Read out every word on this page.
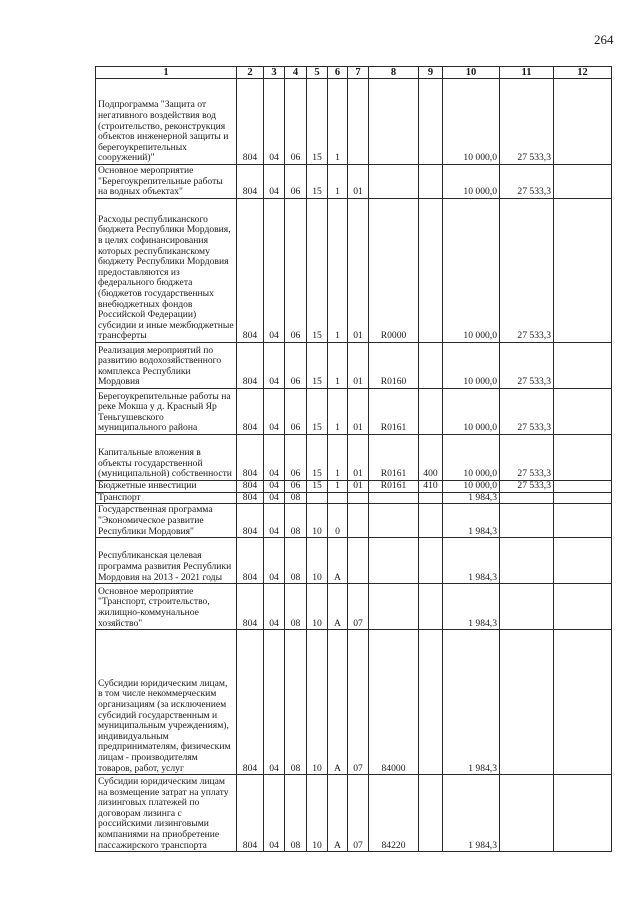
264
1	2	3	4	5	6	7	8	9	10	11	12
Подпрограмма "Защита от негативного воздействия вод (строительство, реконструкция объектов инженерной защиты и берегоукрепительных сооружений)"	804	04	06	15	1				10 000,0	27 533,3	
Основное мероприятие "Берегоукрепительные работы на водных объектах"	804	04	06	15	1	01			10 000,0	27 533,3	
Расходы республиканского бюджета Республики Мордовия, в целях софинансирования которых республиканскому бюджету Республики Мордовия предоставляются из федерального бюджета (бюджетов государственных внебюджетных фондов Российской Федерации) субсидии и иные межбюджетные трансферты	804	04	06	15	1	01	R0000		10 000,0	27 533,3	
Реализация мероприятий по развитию водохозяйственного комплекса Республики Мордовия	804	04	06	15	1	01	R0160		10 000,0	27 533,3	
Берегоукрепительные работы на реке Мокша у д. Красный Яр Теньгушевского муниципального района	804	04	06	15	1	01	R0161		10 000,0	27 533,3	
Капитальные вложения в объекты государственной (муниципальной) собственности	804	04	06	15	1	01	R0161	400	10 000,0	27 533,3	
Бюджетные инвестиции	804	04	06	15	1	01	R0161	410	10 000,0	27 533,3	
Транспорт	804	04	08						1 984,3		
Государственная программа "Экономическое развитие Республики Мордовия"	804	04	08	10	0				1 984,3		
Республиканская целевая программа развития Республики Мордовия на 2013 - 2021 годы	804	04	08	10	А				1 984,3		
Основное мероприятие "Транспорт, строительство, жилищно-коммунальное хозяйство"	804	04	08	10	А	07			1 984,3		
Субсидии юридическим лицам, в том числе некоммерческим организациям (за исключением субсидий государственным и муниципальным учреждениям), индивидуальным предпринимателям, физическим лицам - производителям товаров, работ, услуг	804	04	08	10	А	07	84000		1 984,3		
Субсидии юридическим лицам на возмещение затрат на уплату лизинговых платежей по договорам лизинга с российскими лизинговыми компаниями на приобретение пассажирского транспорта	804	04	08	10	А	07	84220		1 984,3		
